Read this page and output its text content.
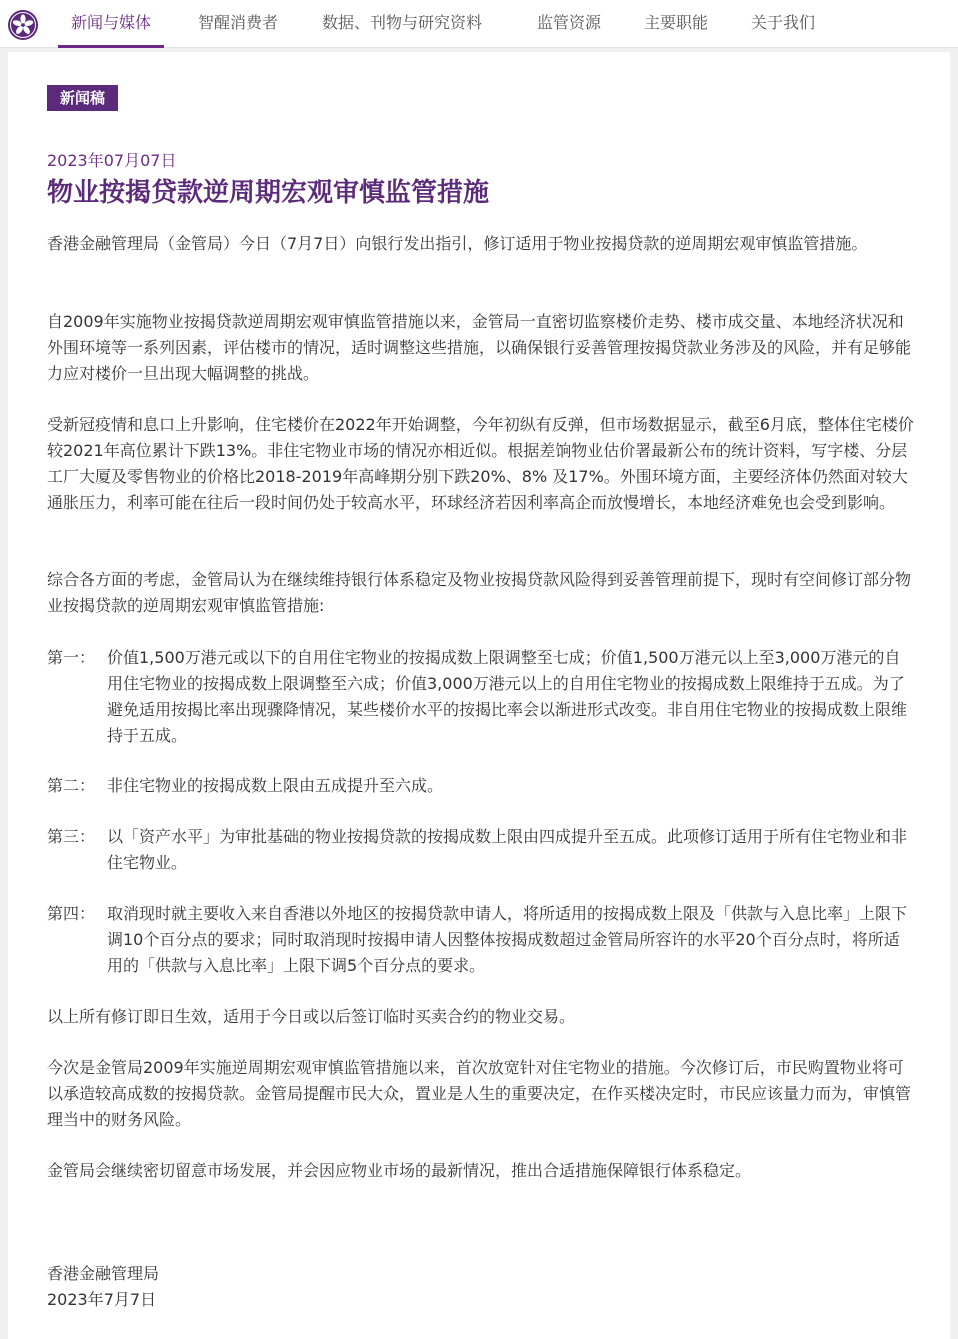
新闻与媒体	智醒消费者	数据、刊物与研究资料	监管资源	主要职能	关于我们
新闻稿
2023年07月07日
物业按揭贷款逆周期宏观审慎监管措施
香港金融管理局（金管局）今日（7月7日）向银行发出指引，修订适用于物业按揭贷款的逆周期宏观审慎监管措施。
自2009年实施物业按揭贷款逆周期宏观审慎监管措施以来，金管局一直密切监察楼价走势、楼市成交量、本地经济状况和外围环境等一系列因素，评估楼市的情况，适时调整这些措施，以确保银行妥善管理按揭贷款业务涉及的风险，并有足够能力应对楼价一旦出现大幅调整的挑战。
受新冠疫情和息口上升影响，住宅楼价在2022年开始调整，今年初纵有反弹，但市场数据显示，截至6月底，整体住宅楼价较2021年高位累计下跌13%。非住宅物业市场的情况亦相近似。根据差饷物业估价署最新公布的统计资料，写字楼、分层工厂大厦及零售物业的价格比2018-2019年高峰期分别下跌20%、8% 及17%。外围环境方面，主要经济体仍然面对较大通胀压力，利率可能在往后一段时间仍处于较高水平，环球经济若因利率高企而放慢增长，本地经济难免也会受到影响。
综合各方面的考虑，金管局认为在继续维持银行体系稳定及物业按揭贷款风险得到妥善管理前提下，现时有空间修订部分物业按揭贷款的逆周期宏观审慎监管措施:
第一： 价值1,500万港元或以下的自用住宅物业的按揭成数上限调整至七成；价值1,500万港元以上至3,000万港元的自用住宅物业的按揭成数上限调整至六成；价值3,000万港元以上的自用住宅物业的按揭成数上限维持于五成。为了避免适用按揭比率出现骤降情况，某些楼价水平的按揭比率会以渐进形式改变。非自用住宅物业的按揭成数上限维持于五成。
第二： 非住宅物业的按揭成数上限由五成提升至六成。
第三： 以「资产水平」为审批基础的物业按揭贷款的按揭成数上限由四成提升至五成。此项修订适用于所有住宅物业和非住宅物业。
第四： 取消现时就主要收入来自香港以外地区的按揭贷款申请人，将所适用的按揭成数上限及「供款与入息比率」上限下调10个百分点的要求；同时取消现时按揭申请人因整体按揭成数超过金管局所容许的水平20个百分点时，将所适用的「供款与入息比率」上限下调5个百分点的要求。
以上所有修订即日生效，适用于今日或以后签订临时买卖合约的物业交易。
今次是金管局2009年实施逆周期宏观审慎监管措施以来，首次放宽针对住宅物业的措施。今次修订后，市民购置物业将可以承造较高成数的按揭贷款。金管局提醒市民大众，置业是人生的重要决定，在作买楼决定时，市民应该量力而为，审慎管理当中的财务风险。
金管局会继续密切留意市场发展，并会因应物业市场的最新情况，推出合适措施保障银行体系稳定。
香港金融管理局
2023年7月7日
